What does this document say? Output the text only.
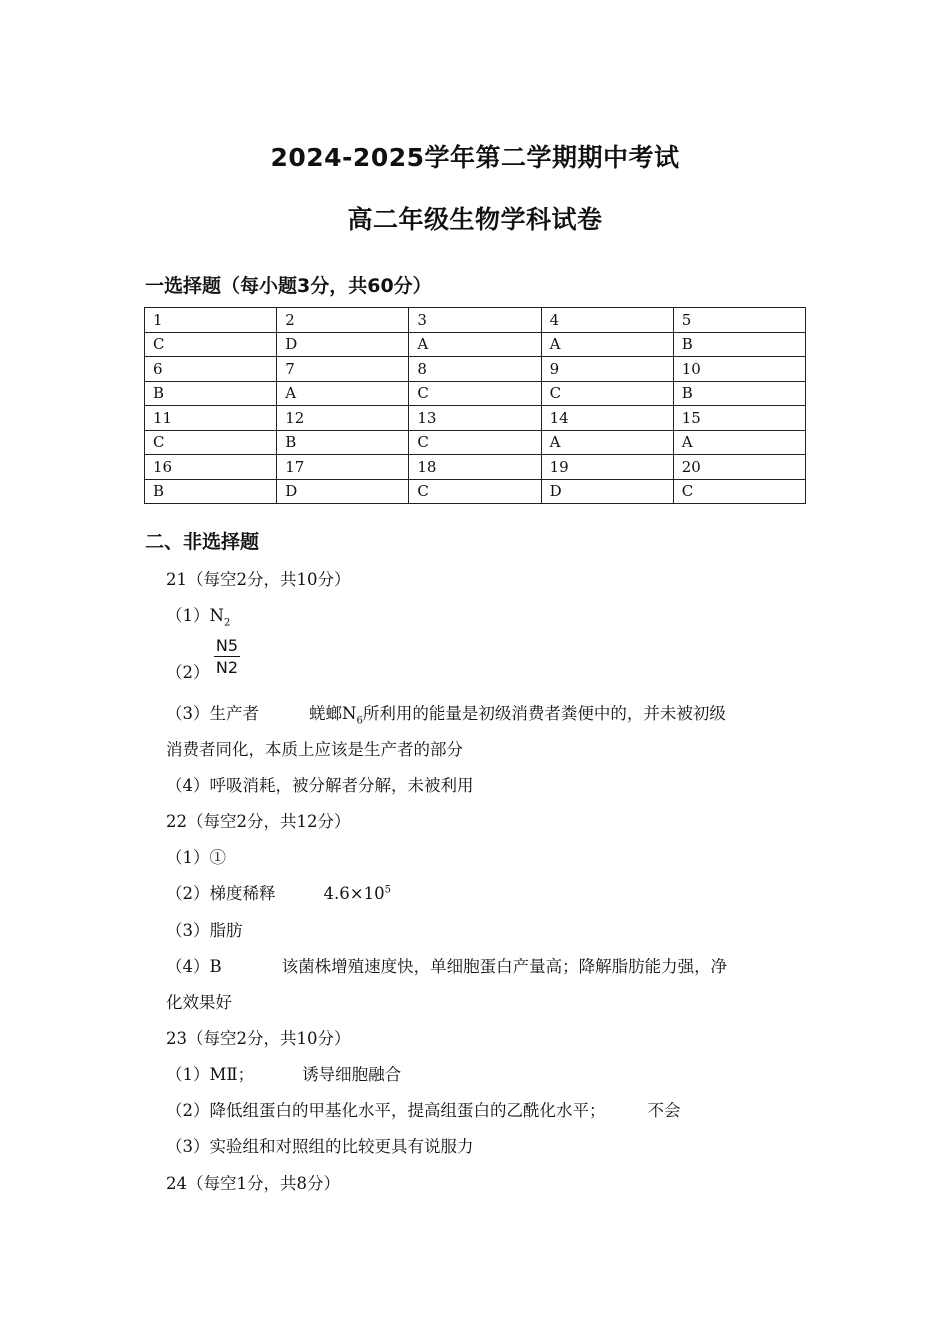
2024-2025学年第二学期期中考试
高二年级生物学科试卷
一选择题（每小题3分，共60分）
1	2	3	4	5
C	D	A	A	B
6	7	8	9	10
B	A	C	C	B
11	12	13	14	15
C	B	C	A	A
16	17	18	19	20
B	D	C	D	C
二、非选择题
21（每空2分，共10分）
$(1)N_2$
$(2) \frac{N5}{N2}$
（3）生产者	蜣螂$N_6$所利用的能量是初级消费者粪便中的，并未被初级
消费者同化，本质上应该是生产者的部分
（4）呼吸消耗，被分解者分解，未被利用
22（每空2分，共12分）
（1）①
（2）梯度稀释	$4.6\times 10^5$
（3）脂肪
（4）B	该菌株增殖速度快，单细胞蛋白产量高；降解脂肪能力强，净
化效果好
23（每空2分，共10分）
（1）MⅡ；	诱导细胞融合
（2）降低组蛋白的甲基化水平，提高组蛋白的乙酰化水平；	不会
（3）实验组和对照组的比较更具有说服力
24（每空1分，共8分）
